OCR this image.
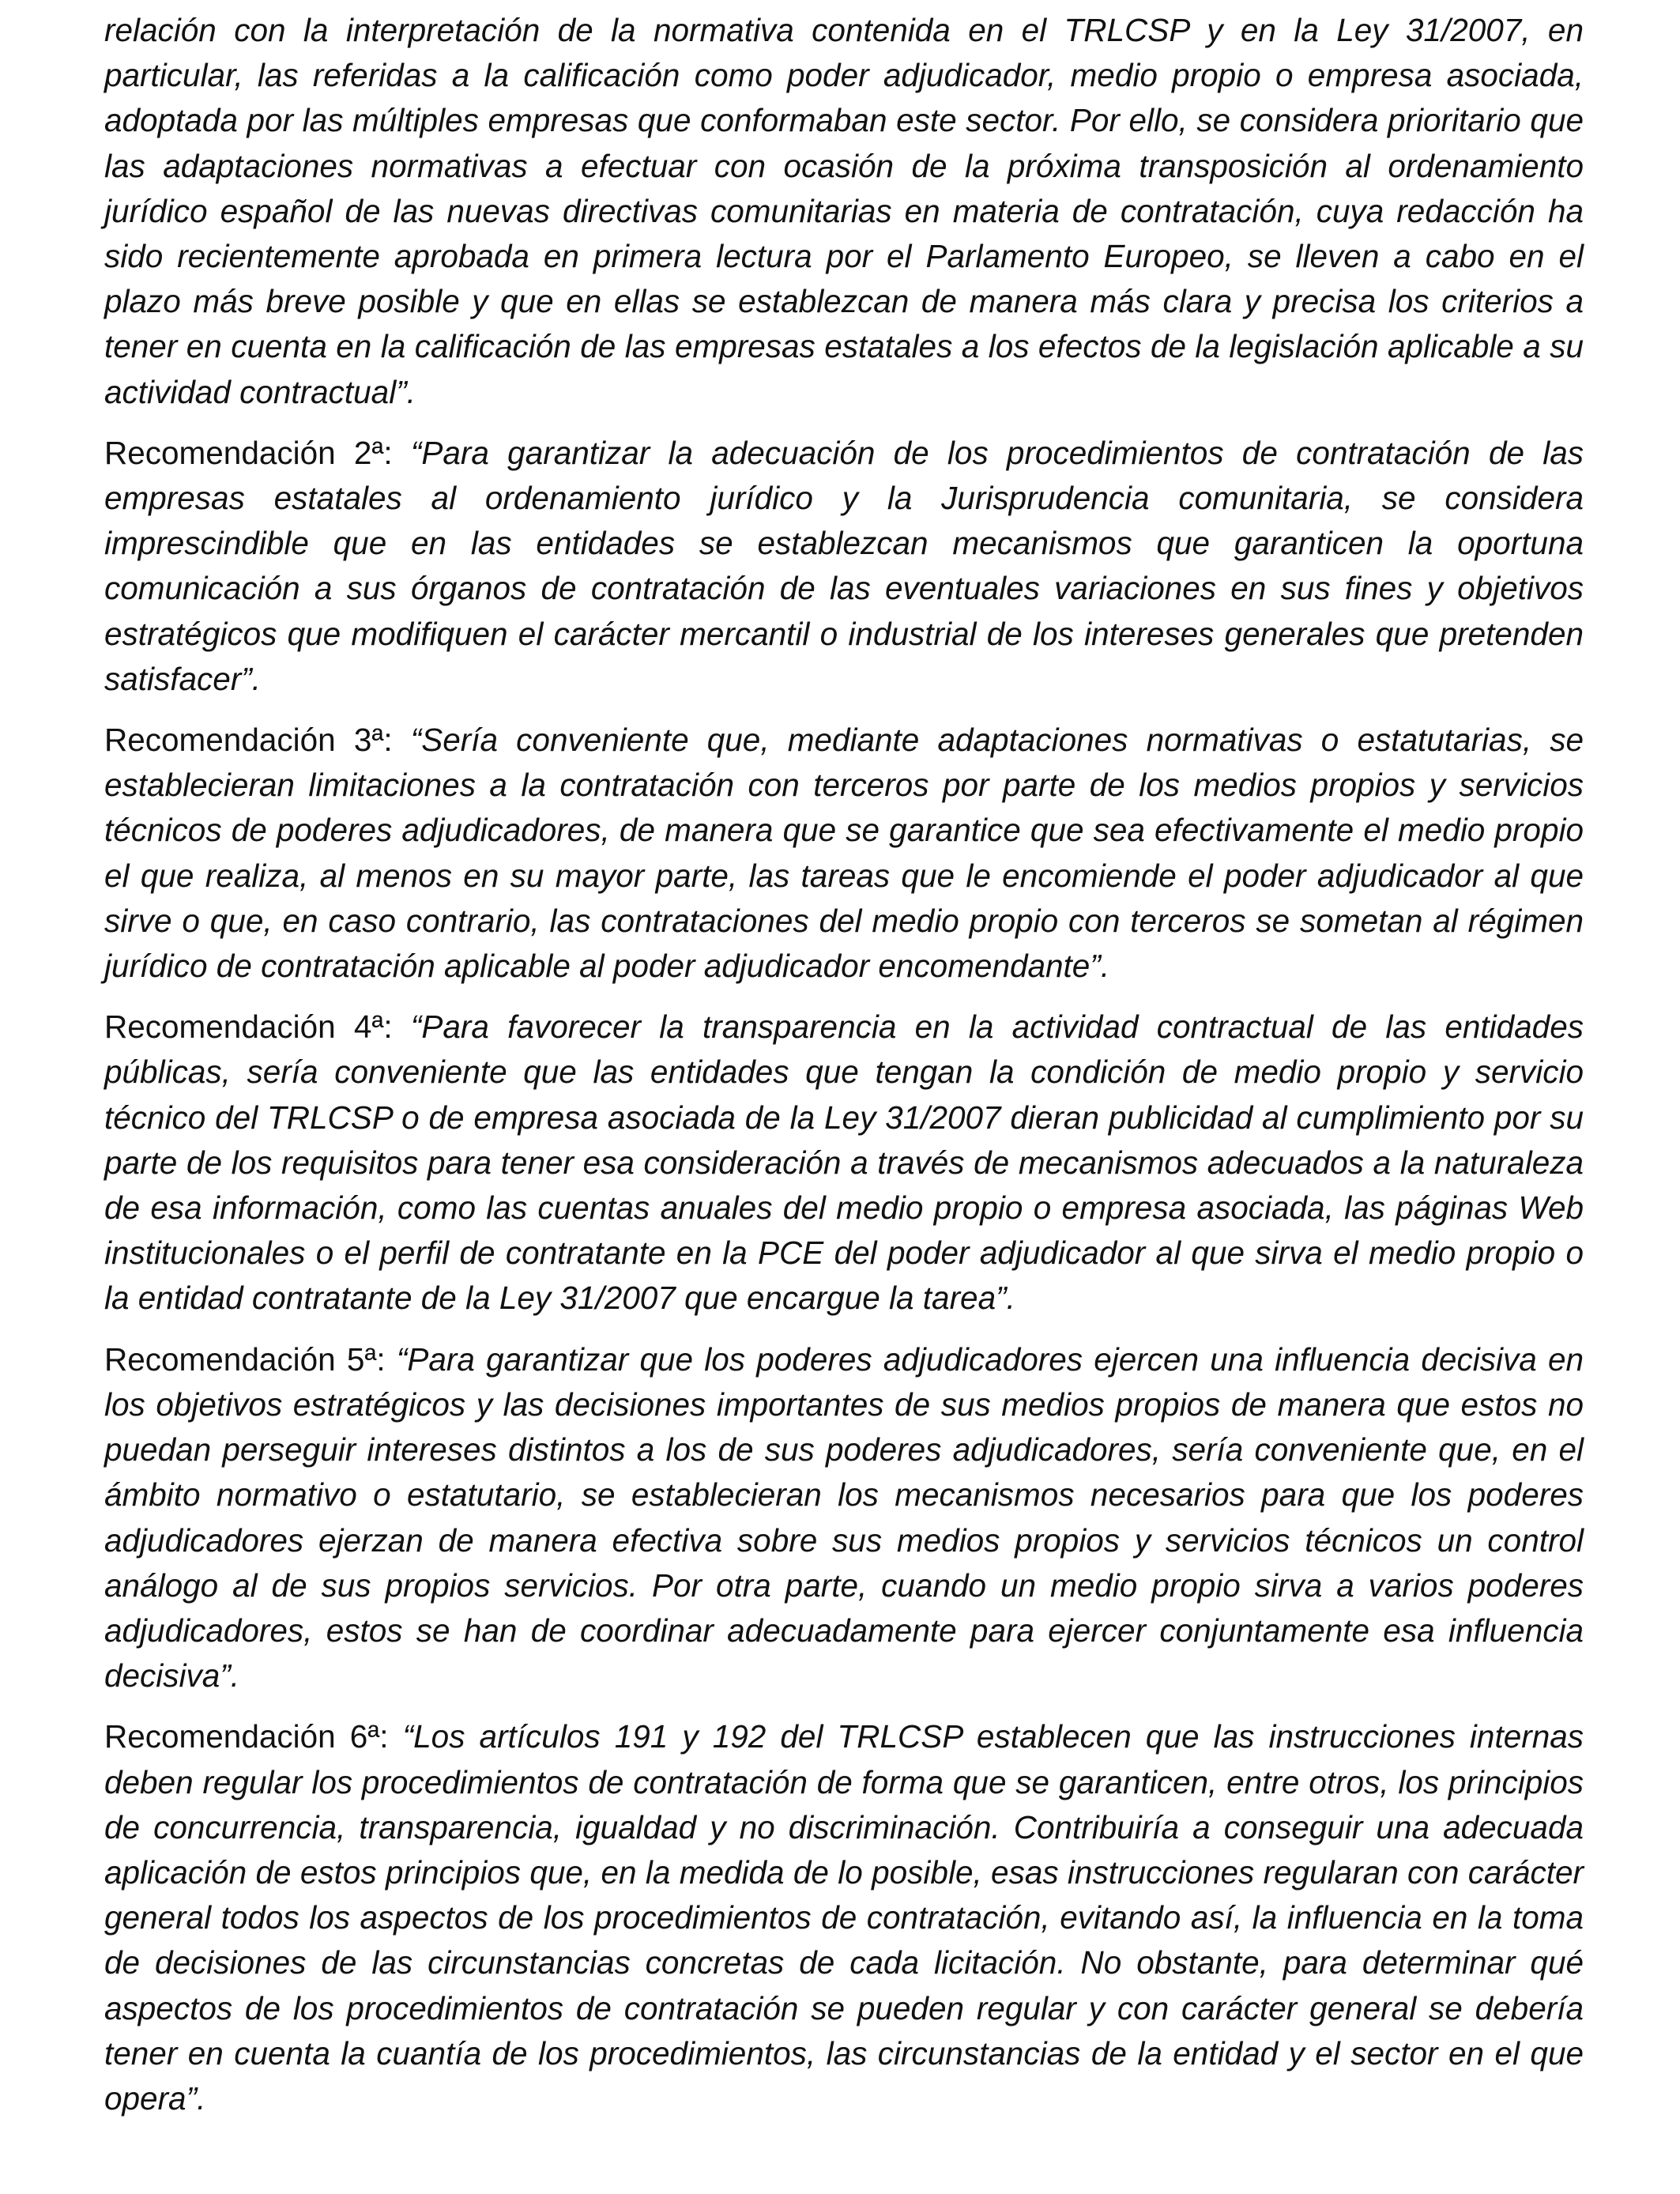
relación con la interpretación de la normativa contenida en el TRLCSP y en la Ley 31/2007, en particular, las referidas a la calificación como poder adjudicador, medio propio o empresa asociada, adoptada por las múltiples empresas que conformaban este sector. Por ello, se considera prioritario que las adaptaciones normativas a efectuar con ocasión de la próxima transposición al ordenamiento jurídico español de las nuevas directivas comunitarias en materia de contratación, cuya redacción ha sido recientemente aprobada en primera lectura por el Parlamento Europeo, se lleven a cabo en el plazo más breve posible y que en ellas se establezcan de manera más clara y precisa los criterios a tener en cuenta en la calificación de las empresas estatales a los efectos de la legislación aplicable a su actividad contractual”.

Recomendación 2ª: “Para garantizar la adecuación de los procedimientos de contratación de las empresas estatales al ordenamiento jurídico y la Jurisprudencia comunitaria, se considera imprescindible que en las entidades se establezcan mecanismos que garanticen la oportuna comunicación a sus órganos de contratación de las eventuales variaciones en sus fines y objetivos estratégicos que modifiquen el carácter mercantil o industrial de los intereses generales que pretenden satisfacer”.

Recomendación 3ª: “Sería conveniente que, mediante adaptaciones normativas o estatutarias, se establecieran limitaciones a la contratación con terceros por parte de los medios propios y servicios técnicos de poderes adjudicadores, de manera que se garantice que sea efectivamente el medio propio el que realiza, al menos en su mayor parte, las tareas que le encomiende el poder adjudicador al que sirve o que, en caso contrario, las contrataciones del medio propio con terceros se sometan al régimen jurídico de contratación aplicable al poder adjudicador encomendante”.

Recomendación 4ª: “Para favorecer la transparencia en la actividad contractual de las entidades públicas, sería conveniente que las entidades que tengan la condición de medio propio y servicio técnico del TRLCSP o de empresa asociada de la Ley 31/2007 dieran publicidad al cumplimiento por su parte de los requisitos para tener esa consideración a través de mecanismos adecuados a la naturaleza de esa información, como las cuentas anuales del medio propio o empresa asociada, las páginas Web institucionales o el perfil de contratante en la PCE del poder adjudicador al que sirva el medio propio o la entidad contratante de la Ley 31/2007 que encargue la tarea”.

Recomendación 5ª: “Para garantizar que los poderes adjudicadores ejercen una influencia decisiva en los objetivos estratégicos y las decisiones importantes de sus medios propios de manera que estos no puedan perseguir intereses distintos a los de sus poderes adjudicadores, sería conveniente que, en el ámbito normativo o estatutario, se establecieran los mecanismos necesarios para que los poderes adjudicadores ejerzan de manera efectiva sobre sus medios propios y servicios técnicos un control análogo al de sus propios servicios. Por otra parte, cuando un medio propio sirva a varios poderes adjudicadores, estos se han de coordinar adecuadamente para ejercer conjuntamente esa influencia decisiva”.

Recomendación 6ª: “Los artículos 191 y 192 del TRLCSP establecen que las instrucciones internas deben regular los procedimientos de contratación de forma que se garanticen, entre otros, los principios de concurrencia, transparencia, igualdad y no discriminación. Contribuiría a conseguir una adecuada aplicación de estos principios que, en la medida de lo posible, esas instrucciones regularan con carácter general todos los aspectos de los procedimientos de contratación, evitando así, la influencia en la toma de decisiones de las circunstancias concretas de cada licitación. No obstante, para determinar qué aspectos de los procedimientos de contratación se pueden regular y con carácter general se debería tener en cuenta la cuantía de los procedimientos, las circunstancias de la entidad y el sector en el que opera”.
